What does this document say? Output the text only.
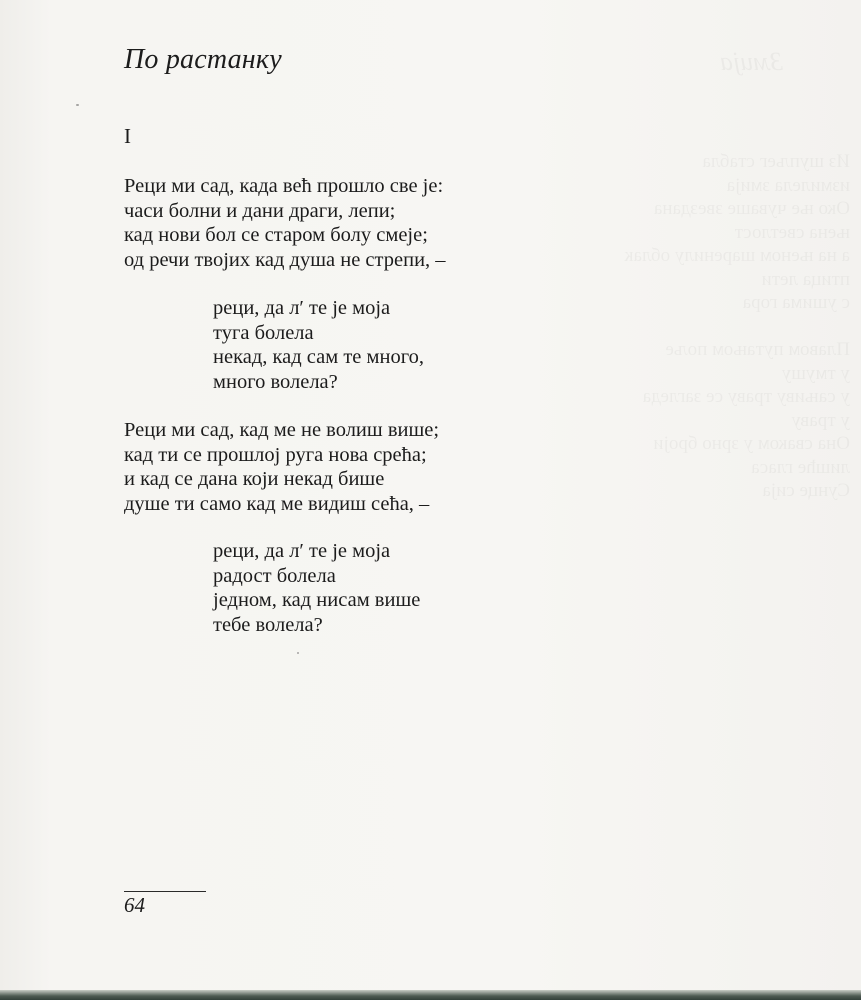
По растанку
I

Реци ми сад, када већ прошло све је:
часи болни и дани драги, лепи;
кад нови бол се старом болу смеје;
од речи твојих кад душа не стрепи, –

реци, да л′ те је моја
туга болела
некад, кад сам те много,
много волела?

Реци ми сад, кад ме не волиш више;
кад ти се прошлој руга нова срећа;
и кад се дана који некад бише
душе ти само кад ме видиш сећа, –

реци, да л′ те је моја
радост болела
једном, кад нисам више
тебе волела?

64
